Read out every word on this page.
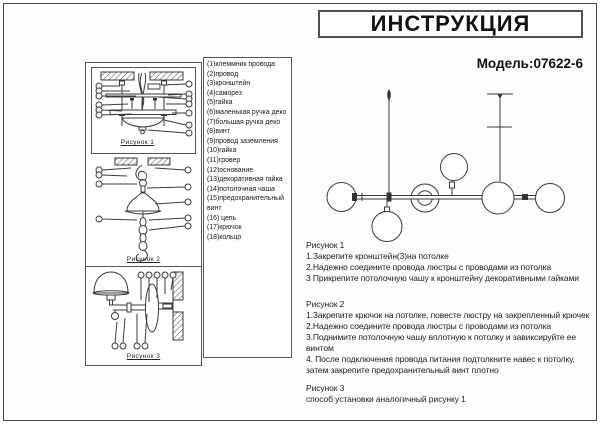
ИНСТРУКЦИЯ
Модель:07622-6
Рисунок 1
Рисунок 2
Рисунок 3
(1)клеммник провода
(2)провод
(3)кронштейн
(4)саморез
(5)гайка
(6)маленькая ручка деко
(7)большая ручка деко
(8)винт
(9)провод заземления
(10)гайка
(11)гровер
(12)основание
(13)декоративная гайка
(14)потолочная чаша
(15)предохранительный винт
(16) цепь
(17)крючок
(18)кольцо
Рисунок 1
1.Закрепите кронштейн(3)на потолке
2.Надежно соедините провода люстры с проводами из потолка
3 Прикрепите потолочную чашу к кронштейну декоративными гайками
Рисунок 2
1.Закрепите крючок на потолке, повесте люстру на закрепленный крючек
2.Надежно соедините провода люстры с проводами из потолка
3.Поднимите потолочную чашу вплотную к потолку и завиксируйте ее винтом
4. После подключения провода питания подтолкните навес к потолку, затем закрепите предохранительный винт плотно
Рисунок 3
способ установки аналогичный рисунку 1
